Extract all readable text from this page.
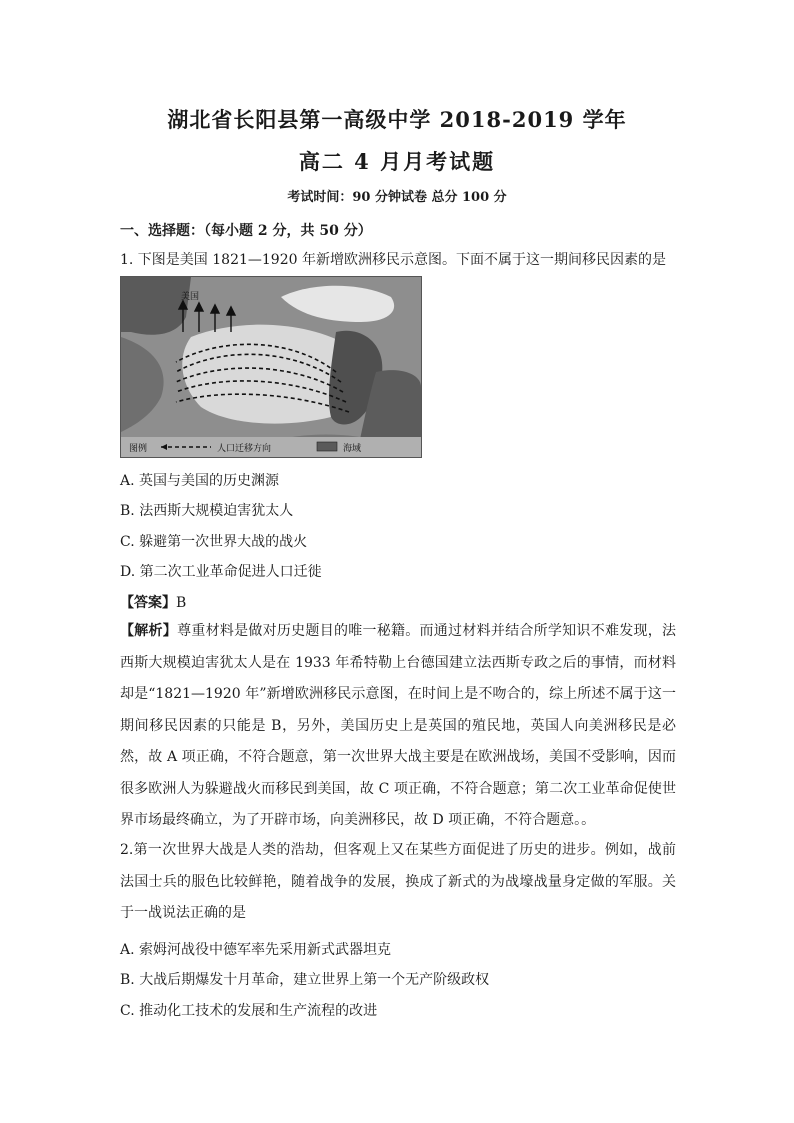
湖北省长阳县第一高级中学 2018-2019 学年
高二 4 月月考试题
考试时间：90 分钟试卷 总分 100 分
一、选择题：（每小题 2 分，共 50 分）
1. 下图是美国 1821—1920 年新增欧洲移民示意图。下面不属于这一期间移民因素的是
美国
图例	人口迁移方向	海域
A. 英国与美国的历史渊源
B. 法西斯大规模迫害犹太人
C. 躲避第一次世界大战的战火
D. 第二次工业革命促进人口迁徙
【答案】B
【解析】尊重材料是做对历史题目的唯一秘籍。而通过材料并结合所学知识不难发现，法西斯大规模迫害犹太人是在 1933 年希特勒上台德国建立法西斯专政之后的事情，而材料却是“1821—1920 年”新增欧洲移民示意图，在时间上是不吻合的，综上所述不属于这一期间移民因素的只能是 B，另外，美国历史上是英国的殖民地，英国人向美洲移民是必然，故 A 项正确，不符合题意，第一次世界大战主要是在欧洲战场，美国不受影响，因而很多欧洲人为躲避战火而移民到美国，故 C 项正确，不符合题意；第二次工业革命促使世界市场最终确立，为了开辟市场，向美洲移民，故 D 项正确，不符合题意。。
2.第一次世界大战是人类的浩劫，但客观上又在某些方面促进了历史的进步。例如，战前法国士兵的服色比较鲜艳，随着战争的发展，换成了新式的为战壕战量身定做的军服。关于一战说法正确的是
A. 索姆河战役中德军率先采用新式武器坦克
B. 大战后期爆发十月革命，建立世界上第一个无产阶级政权
C. 推动化工技术的发展和生产流程的改进
